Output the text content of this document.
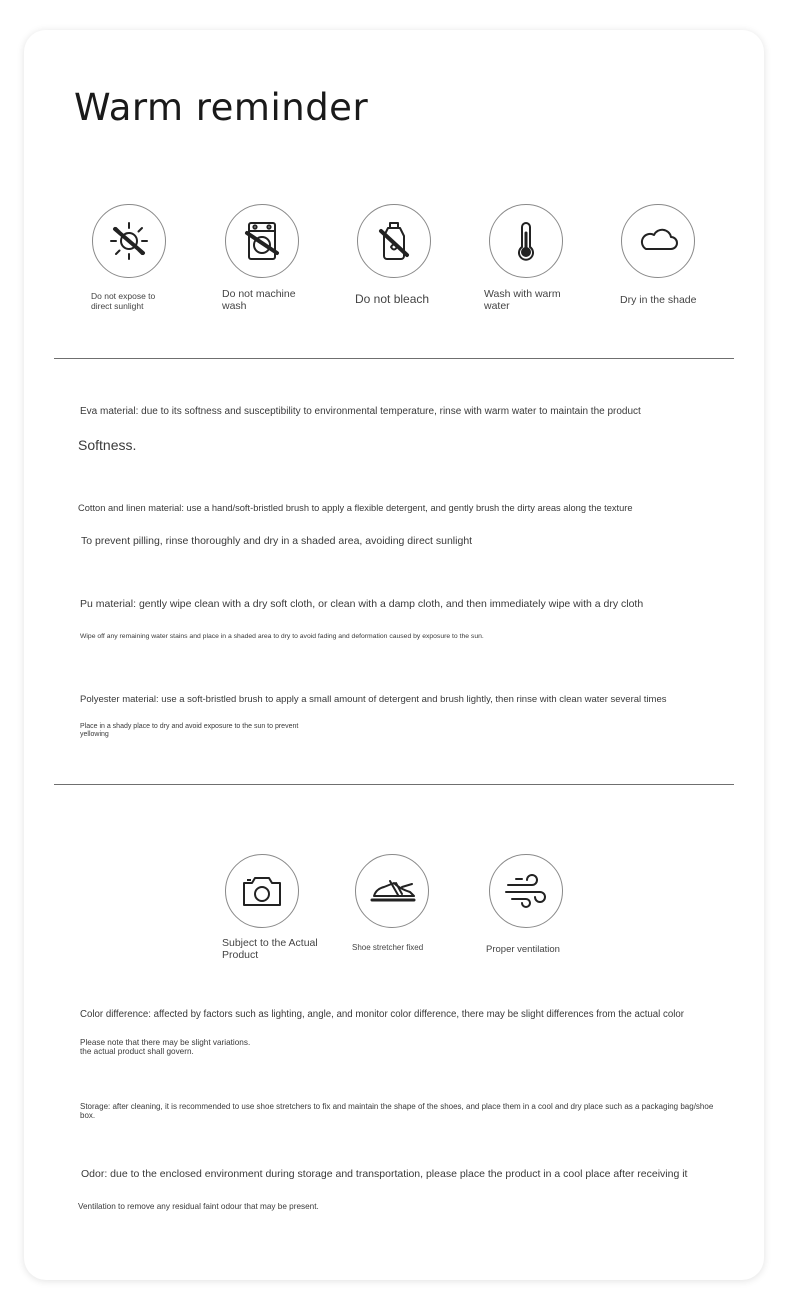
Warm reminder
Do not expose to direct sunlight
Do not machine wash	Do not bleach	Wash with warm water	Dry in the shade
Eva material: due to its softness and susceptibility to environmental temperature, rinse with warm water to maintain the product
Softness.
Cotton and linen material: use a hand/soft-bristled brush to apply a flexible detergent, and gently brush the dirty areas along the texture
To prevent pilling, rinse thoroughly and dry in a shaded area, avoiding direct sunlight
Pu material: gently wipe clean with a dry soft cloth, or clean with a damp cloth, and then immediately wipe with a dry cloth
Wipe off any remaining water stains and place in a shaded area to dry to avoid fading and deformation caused by exposure to the sun.
Polyester material: use a soft-bristled brush to apply a small amount of detergent and brush lightly, then rinse with clean water several times
Place in a shady place to dry and avoid exposure to the sun to prevent yellowing
Subject to the Actual Product
Shoe stretcher fixed	Proper ventilation
Color difference: affected by factors such as lighting, angle, and monitor color difference, there may be slight differences from the actual color
Please note that there may be slight variations. the actual product shall govern.
Storage: after cleaning, it is recommended to use shoe stretchers to fix and maintain the shape of the shoes, and place them in a cool and dry place such as a packaging bag/shoe box.
Odor: due to the enclosed environment during storage and transportation, please place the product in a cool place after receiving it
Ventilation to remove any residual faint odour that may be present.
